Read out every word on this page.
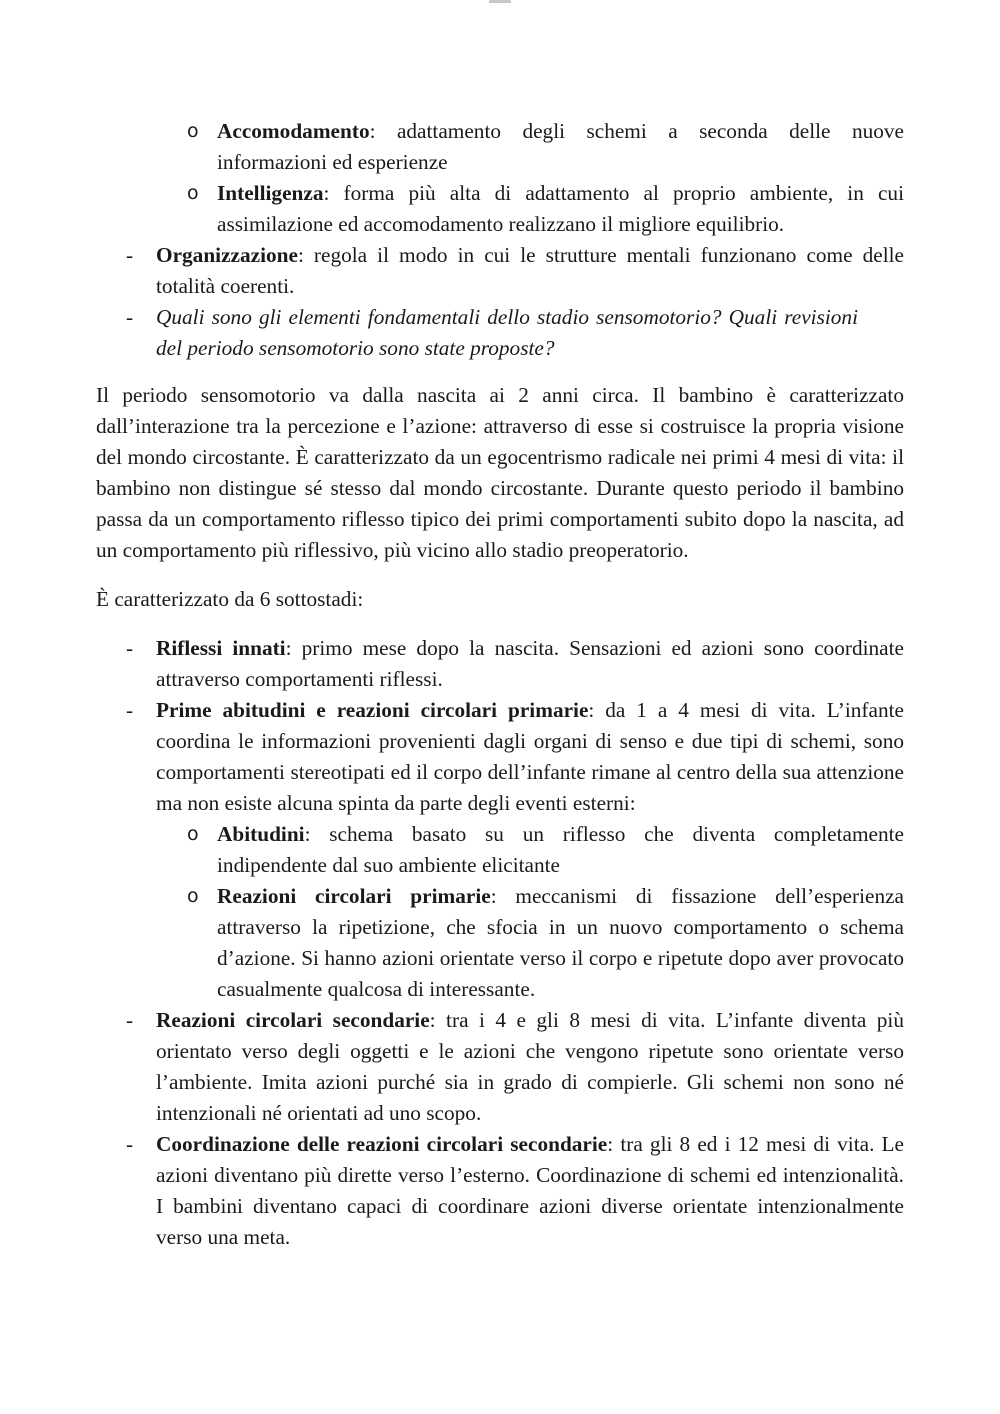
o Accomodamento: adattamento degli schemi a seconda delle nuove informazioni ed esperienze
o Intelligenza: forma più alta di adattamento al proprio ambiente, in cui assimilazione ed accomodamento realizzano il migliore equilibrio.
-	Organizzazione: regola il modo in cui le strutture mentali funzionano come delle totalità coerenti.
-	Quali sono gli elementi fondamentali dello stadio sensomotorio? Quali revisioni del periodo sensomotorio sono state proposte?

Il periodo sensomotorio va dalla nascita ai 2 anni circa. Il bambino è caratterizzato dall’interazione tra la percezione e l’azione: attraverso di esse si costruisce la propria visione del mondo circostante. È caratterizzato da un egocentrismo radicale nei primi 4 mesi di vita: il bambino non distingue sé stesso dal mondo circostante. Durante questo periodo il bambino passa da un comportamento riflesso tipico dei primi comportamenti subito dopo la nascita, ad un comportamento più riflessivo, più vicino allo stadio preoperatorio.

È caratterizzato da 6 sottostadi:

-	Riflessi innati: primo mese dopo la nascita. Sensazioni ed azioni sono coordinate attraverso comportamenti riflessi.
-	Prime abitudini e reazioni circolari primarie: da 1 a 4 mesi di vita. L’infante coordina le informazioni provenienti dagli organi di senso e due tipi di schemi, sono comportamenti stereotipati ed il corpo dell’infante rimane al centro della sua attenzione ma non esiste alcuna spinta da parte degli eventi esterni:
o Abitudini: schema basato su un riflesso che diventa completamente indipendente dal suo ambiente elicitante
o Reazioni circolari primarie: meccanismi di fissazione dell’esperienza attraverso la ripetizione, che sfocia in un nuovo comportamento o schema d’azione. Si hanno azioni orientate verso il corpo e ripetute dopo aver provocato casualmente qualcosa di interessante.
-	Reazioni circolari secondarie: tra i 4 e gli 8 mesi di vita. L’infante diventa più orientato verso degli oggetti e le azioni che vengono ripetute sono orientate verso l’ambiente. Imita azioni purché sia in grado di compierle. Gli schemi non sono né intenzionali né orientati ad uno scopo.
-	Coordinazione delle reazioni circolari secondarie: tra gli 8 ed i 12 mesi di vita. Le azioni diventano più dirette verso l’esterno. Coordinazione di schemi ed intenzionalità. I bambini diventano capaci di coordinare azioni diverse orientate intenzionalmente verso una meta.
